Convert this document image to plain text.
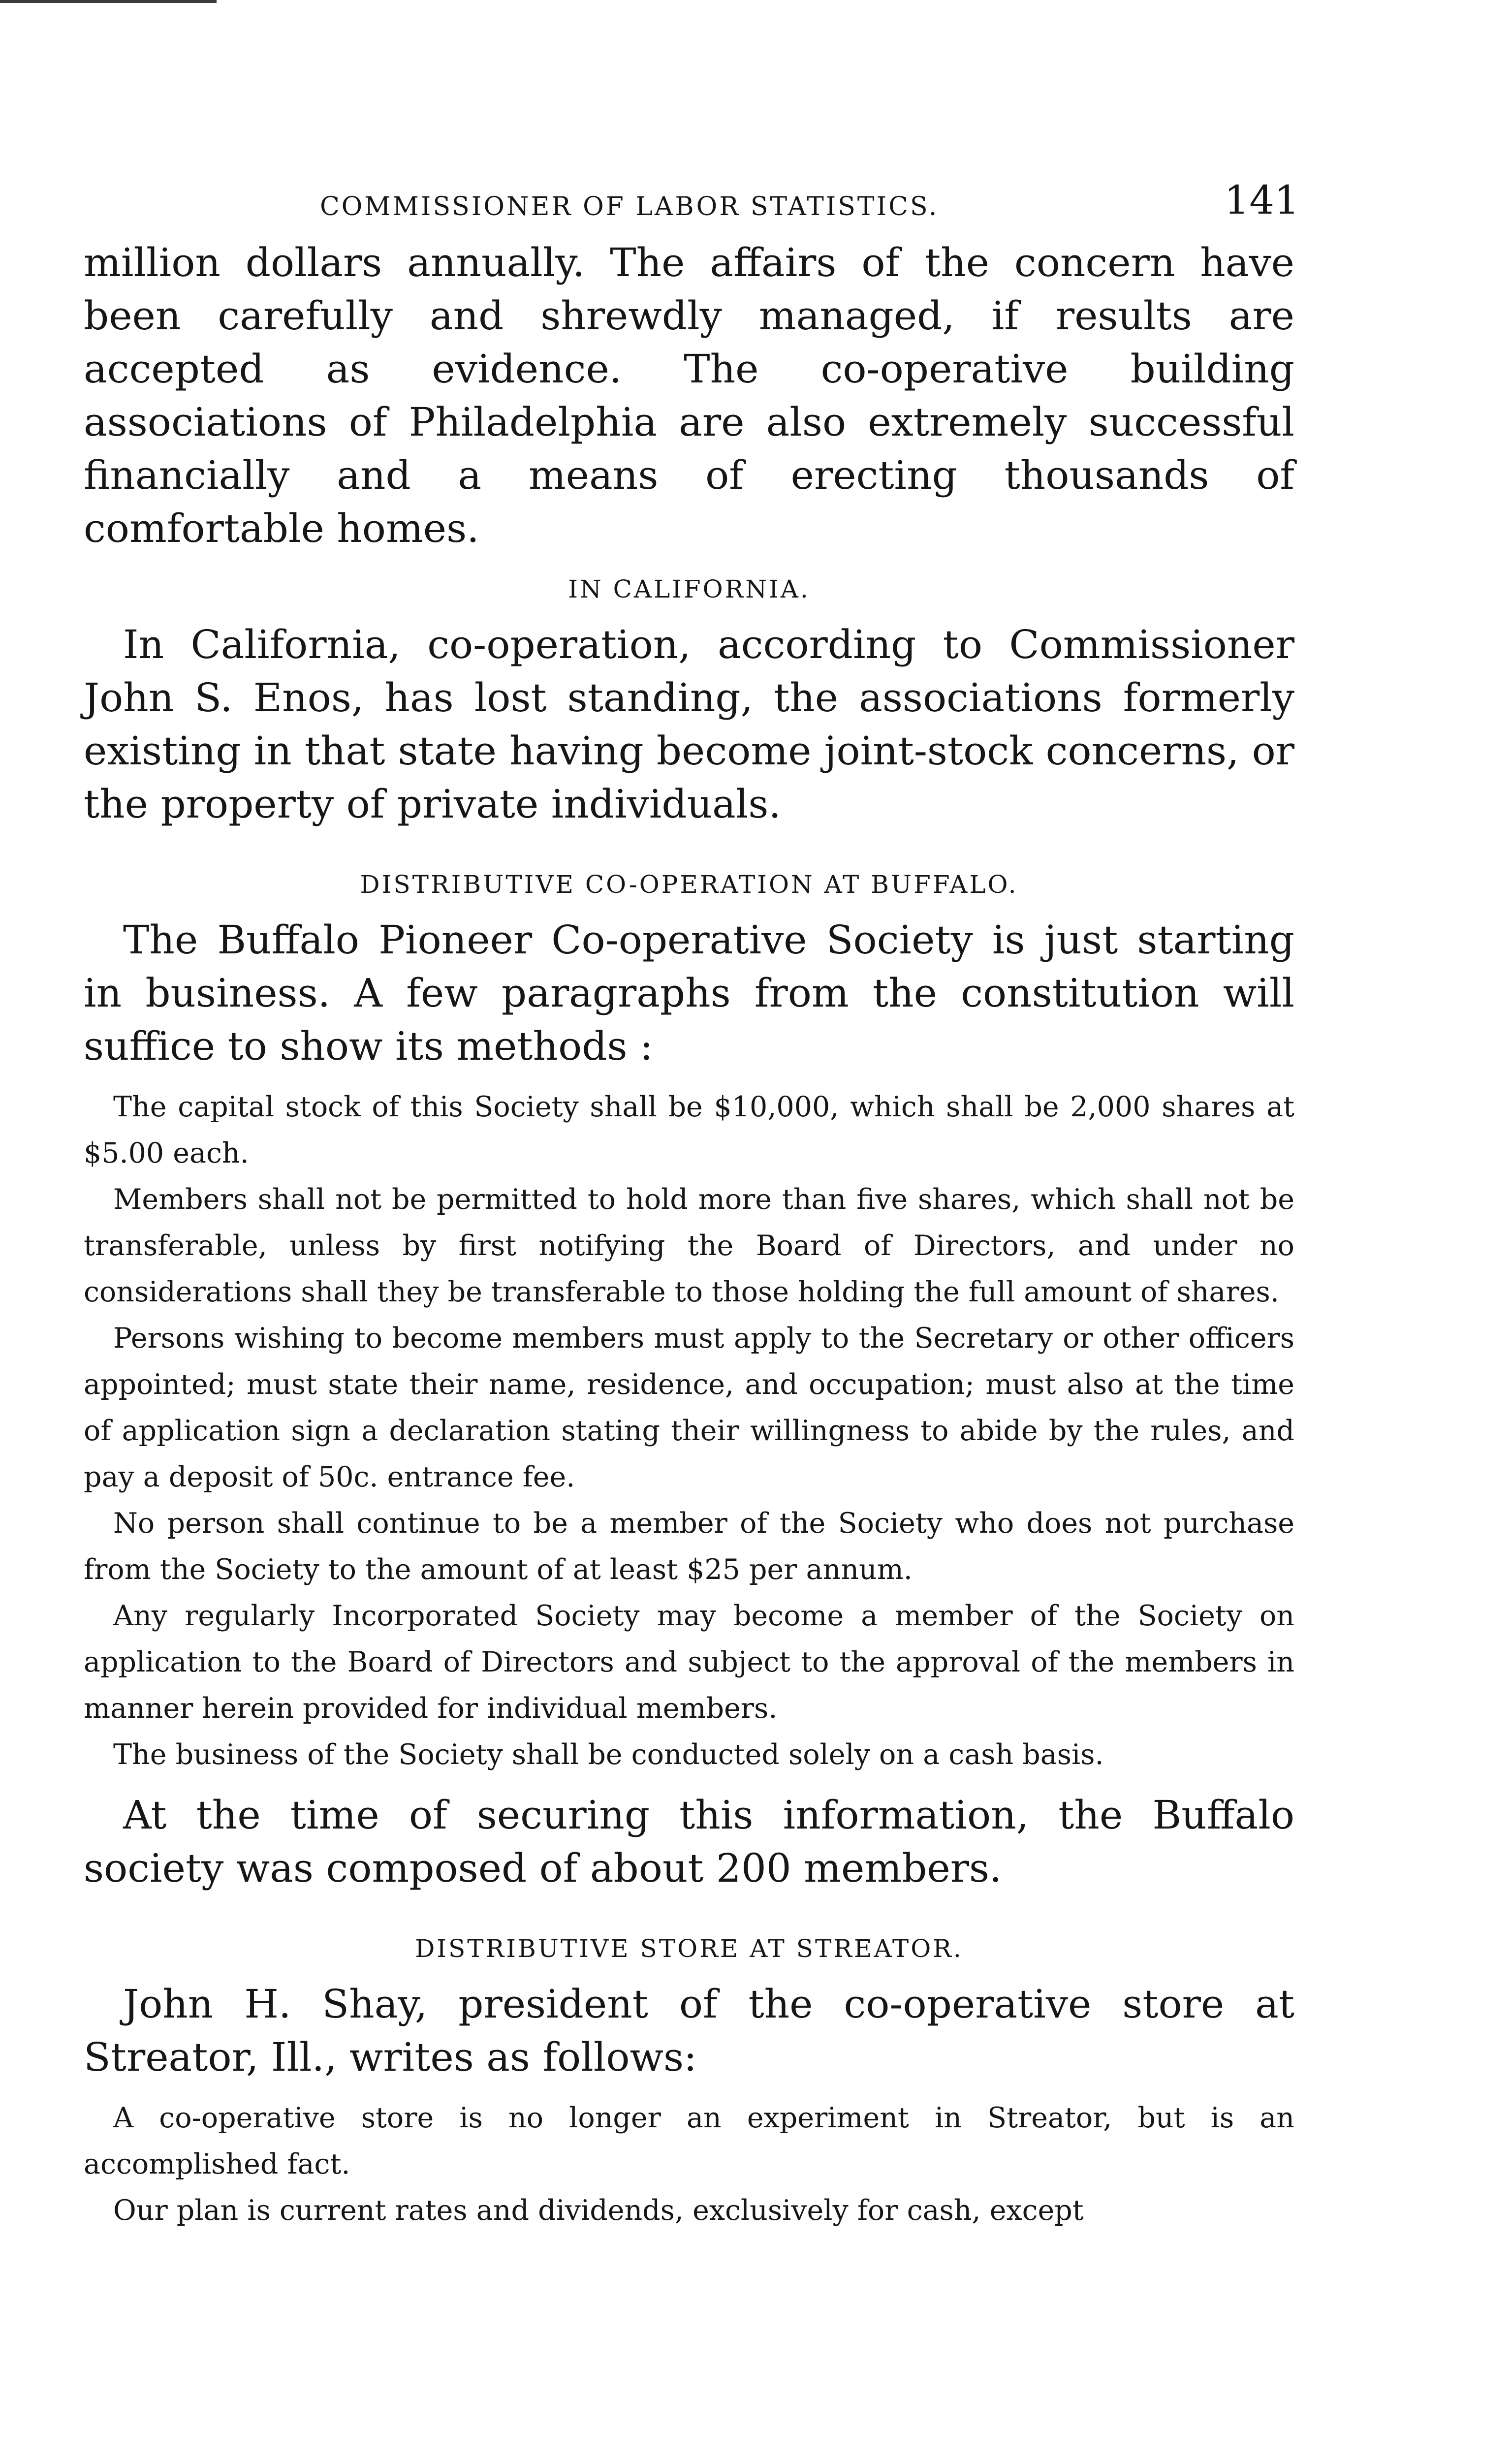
COMMISSIONER OF LABOR STATISTICS.	141

million dollars annually. The affairs of the concern have been carefully and shrewdly managed, if results are accepted as evidence. The co-operative building associations of Philadelphia are also extremely successful financially and a means of erecting thousands of comfortable homes.

IN CALIFORNIA.

In California, co-operation, according to Commissioner John S. Enos, has lost standing, the associations formerly existing in that state having become joint-stock concerns, or the property of private individuals.

DISTRIBUTIVE CO-OPERATION AT BUFFALO.

The Buffalo Pioneer Co-operative Society is just starting in business. A few paragraphs from the constitution will suffice to show its methods :

The capital stock of this Society shall be $10,000, which shall be 2,000 shares at $5.00 each.

Members shall not be permitted to hold more than five shares, which shall not be transferable, unless by first notifying the Board of Directors, and under no considerations shall they be transferable to those holding the full amount of shares.

Persons wishing to become members must apply to the Secretary or other officers appointed; must state their name, residence, and occupation; must also at the time of application sign a declaration stating their willingness to abide by the rules, and pay a deposit of 50c. entrance fee.

No person shall continue to be a member of the Society who does not purchase from the Society to the amount of at least $25 per annum.

Any regularly Incorporated Society may become a member of the Society on application to the Board of Directors and subject to the approval of the members in manner herein provided for individual members.

The business of the Society shall be conducted solely on a cash basis.

At the time of securing this information, the Buffalo society was composed of about 200 members.

DISTRIBUTIVE STORE AT STREATOR.

John H. Shay, president of the co-operative store at Streator, Ill., writes as follows:

A co-operative store is no longer an experiment in Streator, but is an accomplished fact.

Our plan is current rates and dividends, exclusively for cash, except
